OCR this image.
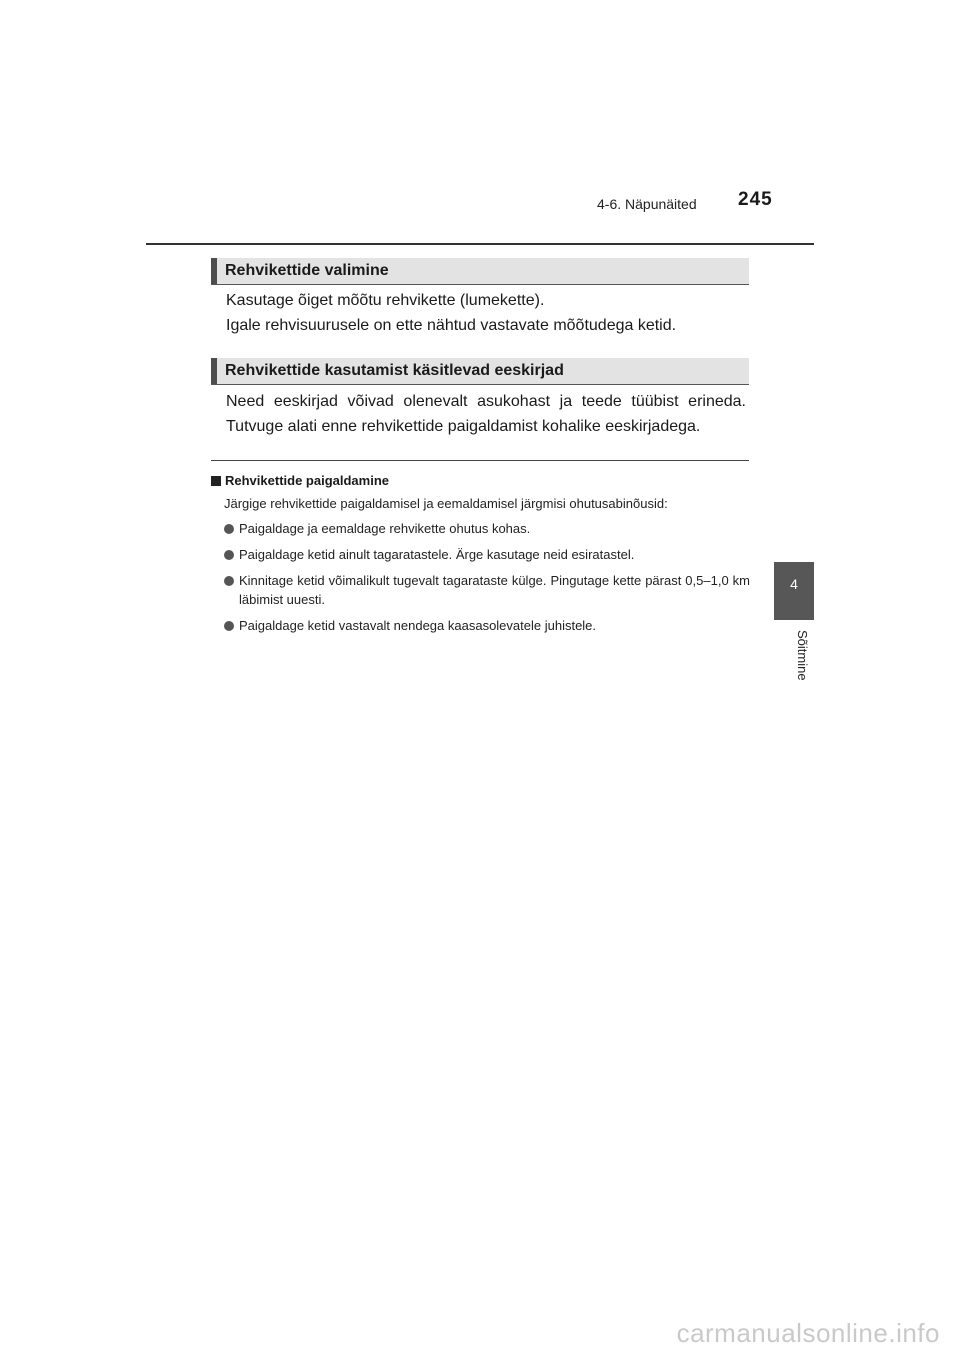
4-6. Näpunäited 245
4
Sõitmine
Rehvikettide valimine
Kasutage õiget mõõtu rehvikette (lumekette).
Igale rehvisuurusele on ette nähtud vastavate mõõtudega ketid.
Rehvikettide kasutamist käsitlevad eeskirjad
Need eeskirjad võivad olenevalt asukohast ja teede tüübist erineda.
Tutvuge alati enne rehvikettide paigaldamist kohalike eeskirjadega.
Rehvikettide paigaldamine
Järgige rehvikettide paigaldamisel ja eemaldamisel järgmisi ohutusabinõusid:
Paigaldage ja eemaldage rehvikette ohutus kohas.
Paigaldage ketid ainult tagaratastele. Ärge kasutage neid esiratastel.
Kinnitage ketid võimalikult tugevalt tagarataste külge. Pingutage kette pärast 0,5–1,0 km läbimist uuesti.
Paigaldage ketid vastavalt nendega kaasasolevatele juhistele.
carmanualsonline.info
